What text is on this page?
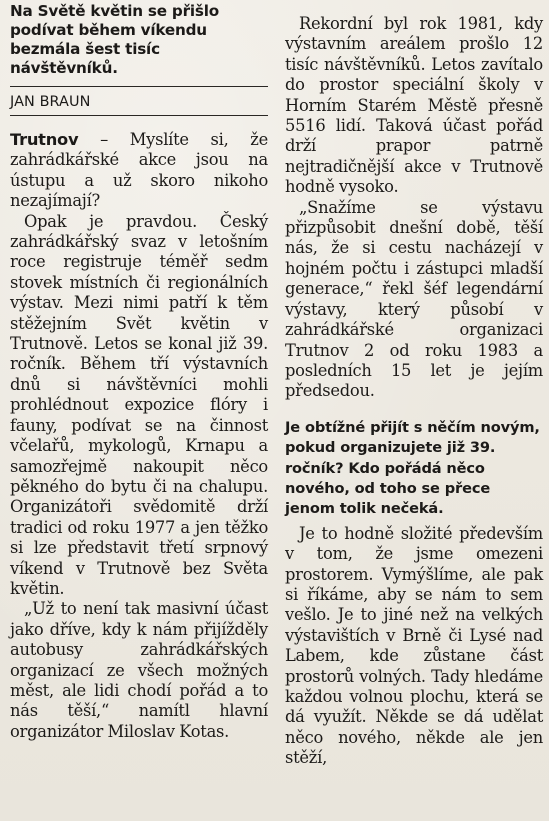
Na Světě květin se přišlo podívat během víkendu bezmála šest tisíc návštěvníků.

JAN BRAUN

Trutnov – Myslíte si, že zahrádkářské akce jsou na ústupu a už skoro nikoho nezajímají?

Opak je pravdou. Český zahrádkářský svaz v letošním roce registruje téměř sedm stovek místních či regionálních výstav. Mezi nimi patří k těm stěžejním Svět květin v Trutnově. Letos se konal již 39. ročník. Během tří výstavních dnů si návštěvníci mohli prohlédnout expozice flóry i fauny, podívat se na činnost včelařů, mykologů, Krnapu a samozřejmě nakoupit něco pěkného do bytu či na chalupu. Organizátoři svědomitě drží tradici od roku 1977 a jen těžko si lze představit třetí srpnový víkend v Trutnově bez Světa květin.

„Už to není tak masivní účast jako dříve, kdy k nám přijížděly autobusy zahrádkářských organizací ze všech možných měst, ale lidi chodí pořád a to nás těší,“ namítl hlavní organizátor Miloslav Kotas.

Rekordní byl rok 1981, kdy výstavním areálem prošlo 12 tisíc návštěvníků. Letos zavítalo do prostor speciální školy v Horním Starém Městě přesně 5516 lidí. Taková účast pořád drží prapor patrně nejtradičnější akce v Trutnově hodně vysoko.

„Snažíme se výstavu přizpůsobit dnešní době, těší nás, že si cestu nacházejí v hojném počtu i zástupci mladší generace,“ řekl šéf legendární výstavy, který působí v zahrádkářské organizaci Trutnov 2 od roku 1983 a posledních 15 let je jejím předsedou.

Je obtížné přijít s něčím novým, pokud organizujete již 39. ročník? Kdo pořádá něco nového, od toho se přece jenom tolik nečeká.

Je to hodně složité především v tom, že jsme omezeni prostorem. Vymýšlíme, ale pak si říkáme, aby se nám to sem vešlo. Je to jiné než na velkých výstavištích v Brně či Lysé nad Labem, kde zůstane část prostorů volných. Tady hledáme každou volnou plochu, která se dá využít. Někde se dá udělat něco nového, někde ale jen stěží,
